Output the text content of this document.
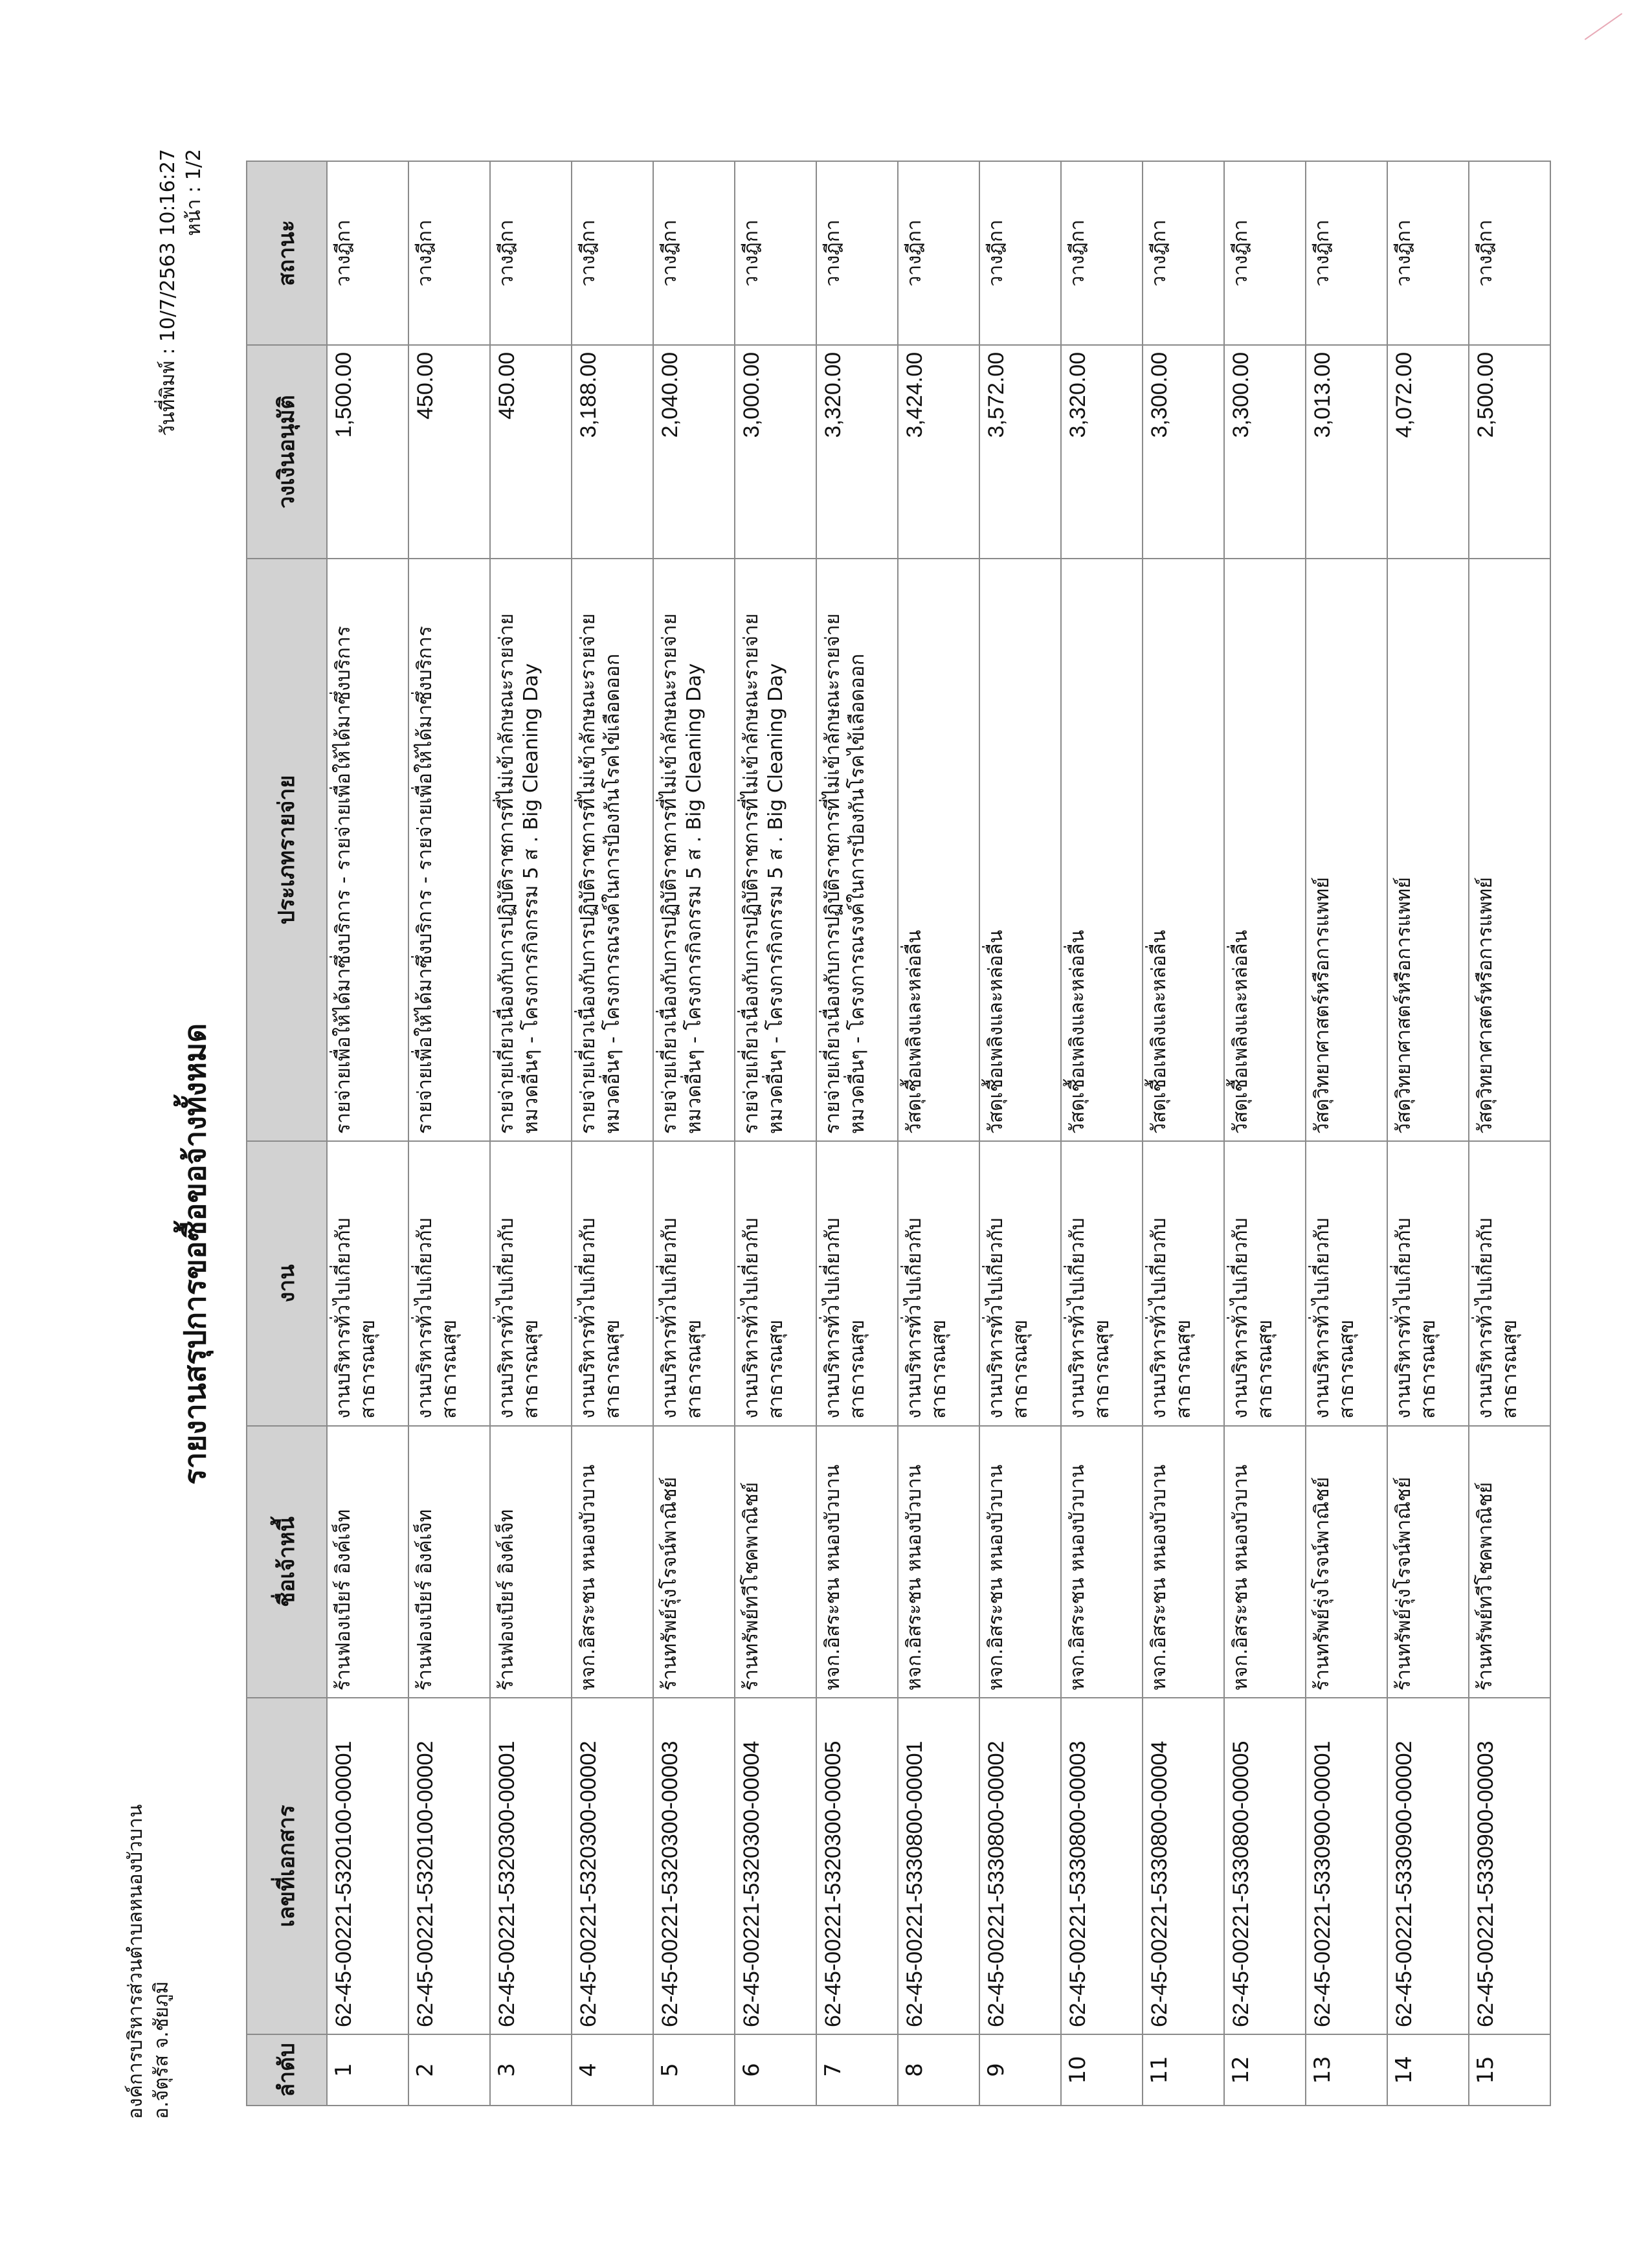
องค์การบริหารส่วนตำบลหนองบัวบาน อ.จัตุรัส จ.ชัยภูมิ
วันที่พิมพ์ : 10/7/2563 10:16:27 หน้า : 1/2
รายงานสรุปการขอซื้อขอจ้างทั้งหมด
ลำดับ	เลขที่เอกสาร	ชื่อเจ้าหนี้	งาน	ประเภทรายจ่าย	วงเงินอนุมัติ	สถานะ
1	62-45-00221-5320100-00001	ร้านฟองเบียร์ อิงค์เจ็ท	งานบริหารทั่วไปเกี่ยวกับสาธารณสุข	รายจ่ายเพื่อให้ได้มาซึ่งบริการ - รายจ่ายเพื่อให้ได้มาซึ่งบริการ	1,500.00	วางฎีกา
2	62-45-00221-5320100-00002	ร้านฟองเบียร์ อิงค์เจ็ท	งานบริหารทั่วไปเกี่ยวกับสาธารณสุข	รายจ่ายเพื่อให้ได้มาซึ่งบริการ - รายจ่ายเพื่อให้ได้มาซึ่งบริการ	450.00	วางฎีกา
3	62-45-00221-5320300-00001	ร้านฟองเบียร์ อิงค์เจ็ท	งานบริหารทั่วไปเกี่ยวกับสาธารณสุข	รายจ่ายเกี่ยวเนื่องกับการปฏิบัติราชการที่ไม่เข้าลักษณะรายจ่ายหมวดอื่นๆ - โครงการกิจกรรม 5 ส . Big Cleaning Day	450.00	วางฎีกา
4	62-45-00221-5320300-00002	หจก.อิสระชน หนองบัวบาน	งานบริหารทั่วไปเกี่ยวกับสาธารณสุข	รายจ่ายเกี่ยวเนื่องกับการปฏิบัติราชการที่ไม่เข้าลักษณะรายจ่ายหมวดอื่นๆ - โครงการณรงค์ในการป้องกันโรคไข้เลือดออก	3,188.00	วางฎีกา
5	62-45-00221-5320300-00003	ร้านทรัพย์รุ่งโรจน์พาณิชย์	งานบริหารทั่วไปเกี่ยวกับสาธารณสุข	รายจ่ายเกี่ยวเนื่องกับการปฏิบัติราชการที่ไม่เข้าลักษณะรายจ่ายหมวดอื่นๆ - โครงการกิจกรรม 5 ส . Big Cleaning Day	2,040.00	วางฎีกา
6	62-45-00221-5320300-00004	ร้านทรัพย์ทวีโชคพาณิชย์	งานบริหารทั่วไปเกี่ยวกับสาธารณสุข	รายจ่ายเกี่ยวเนื่องกับการปฏิบัติราชการที่ไม่เข้าลักษณะรายจ่ายหมวดอื่นๆ - โครงการกิจกรรม 5 ส . Big Cleaning Day	3,000.00	วางฎีกา
7	62-45-00221-5320300-00005	หจก.อิสระชน หนองบัวบาน	งานบริหารทั่วไปเกี่ยวกับสาธารณสุข	รายจ่ายเกี่ยวเนื่องกับการปฏิบัติราชการที่ไม่เข้าลักษณะรายจ่ายหมวดอื่นๆ - โครงการณรงค์ในการป้องกันโรคไข้เลือดออก	3,320.00	วางฎีกา
8	62-45-00221-5330800-00001	หจก.อิสระชน หนองบัวบาน	งานบริหารทั่วไปเกี่ยวกับสาธารณสุข	วัสดุเชื้อเพลิงและหล่อลื่น	3,424.00	วางฎีกา
9	62-45-00221-5330800-00002	หจก.อิสระชน หนองบัวบาน	งานบริหารทั่วไปเกี่ยวกับสาธารณสุข	วัสดุเชื้อเพลิงและหล่อลื่น	3,572.00	วางฎีกา
10	62-45-00221-5330800-00003	หจก.อิสระชน หนองบัวบาน	งานบริหารทั่วไปเกี่ยวกับสาธารณสุข	วัสดุเชื้อเพลิงและหล่อลื่น	3,320.00	วางฎีกา
11	62-45-00221-5330800-00004	หจก.อิสระชน หนองบัวบาน	งานบริหารทั่วไปเกี่ยวกับสาธารณสุข	วัสดุเชื้อเพลิงและหล่อลื่น	3,300.00	วางฎีกา
12	62-45-00221-5330800-00005	หจก.อิสระชน หนองบัวบาน	งานบริหารทั่วไปเกี่ยวกับสาธารณสุข	วัสดุเชื้อเพลิงและหล่อลื่น	3,300.00	วางฎีกา
13	62-45-00221-5330900-00001	ร้านทรัพย์รุ่งโรจน์พาณิชย์	งานบริหารทั่วไปเกี่ยวกับสาธารณสุข	วัสดุวิทยาศาสตร์หรือการแพทย์	3,013.00	วางฎีกา
14	62-45-00221-5330900-00002	ร้านทรัพย์รุ่งโรจน์พาณิชย์	งานบริหารทั่วไปเกี่ยวกับสาธารณสุข	วัสดุวิทยาศาสตร์หรือการแพทย์	4,072.00	วางฎีกา
15	62-45-00221-5330900-00003	ร้านทรัพย์ทวีโชคพาณิชย์	งานบริหารทั่วไปเกี่ยวกับสาธารณสุข	วัสดุวิทยาศาสตร์หรือการแพทย์	2,500.00	วางฎีกา
